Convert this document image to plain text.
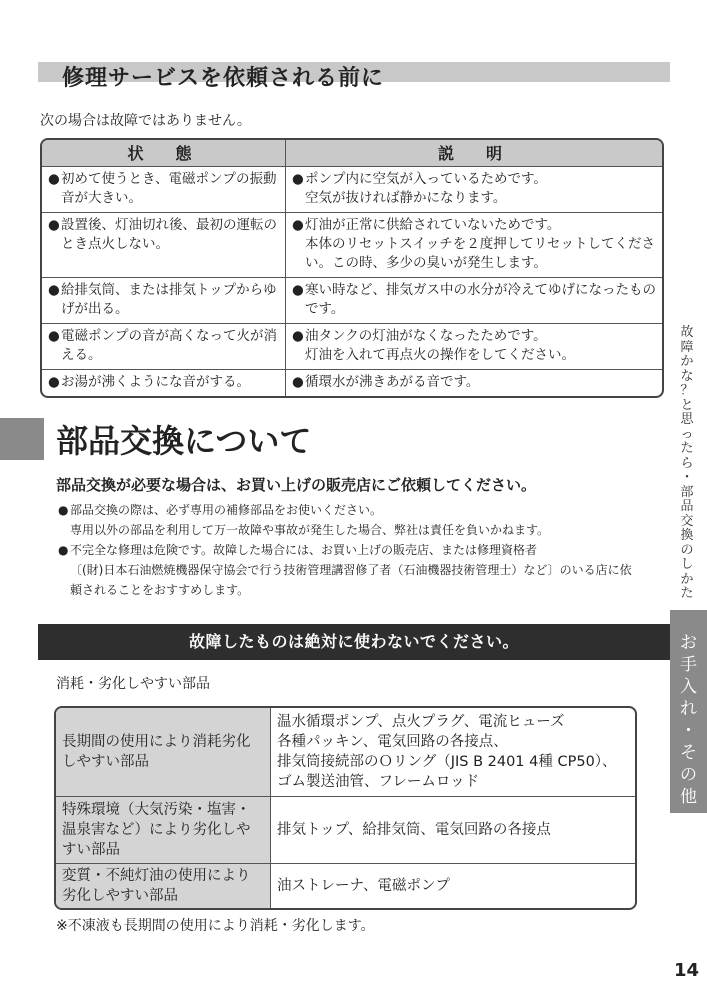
修理サービスを依頼される前に
次の場合は故障ではありません。
状　態	説　明

●初めて使うとき、電磁ポンプの振動音が大きい。	●ポンプ内に空気が入っているためです。
空気が抜ければ静かになります。

●設置後、灯油切れ後、最初の運転のとき点火しない。	●灯油が正常に供給されていないためです。
本体のリセットスイッチを２度押してリセットしてください。この時、多少の臭いが発生します。

●給排気筒、または排気トップからゆげが出る。	●寒い時など、排気ガス中の水分が冷えてゆげになったものです。

●電磁ポンプの音が高くなって火が消える。	●油タンクの灯油がなくなったためです。
灯油を入れて再点火の操作をしてください。

●お湯が沸くようにな音がする。	●循環水が沸きあがる音です。
部品交換について
部品交換が必要な場合は、お買い上げの販売店にご依頼してください。
● 部品交換の際は、必ず専用の補修部品をお使いください。
専用以外の部品を利用して万一故障や事故が発生した場合、弊社は責任を負いかねます。
● 不完全な修理は危険です。故障した場合には、お買い上げの販売店、または修理資格者
〔(財)日本石油燃焼機器保守協会で行う技術管理講習修了者（石油機器技術管理士）など〕のいる店に依頼されることをおすすめします。
故障したものは絶対に使わないでください。
消耗・劣化しやすい部品
長期間の使用により消耗劣化しやすい部品	温水循環ポンプ、点火プラグ、電流ヒューズ
各種パッキン、電気回路の各接点、
排気筒接続部のＯリング（JIS B 2401 4種 CP50）、
ゴム製送油管、フレームロッド

特殊環境（大気汚染・塩害・温泉害など）により劣化しやすい部品	排気トップ、給排気筒、電気回路の各接点

変質・不純灯油の使用により劣化しやすい部品	油ストレーナ、電磁ポンプ
※不凍液も長期間の使用により消耗・劣化します。
故
障
か
な
？
と
思
っ
た
ら
・
部
品
交
換
の
し
か
た
お
手
入
れ
・
そ
の
他
14
